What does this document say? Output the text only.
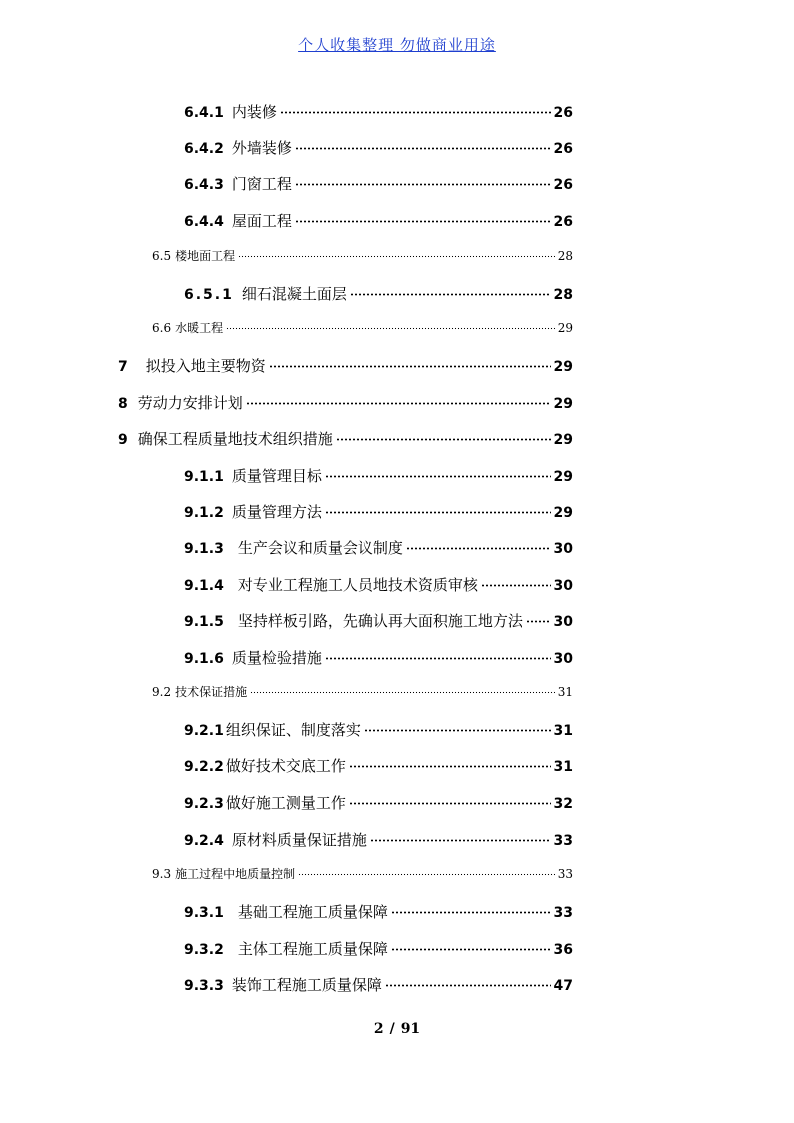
个人收集整理 勿做商业用途
6.4.1 内装修	26
6.4.2 外墙装修	26
6.4.3 门窗工程	26
6.4.4 屋面工程	26
6.5 楼地面工程	28
6.5.1 细石混凝土面层	28
6.6 水暖工程	29
7 拟投入地主要物资	29
8 劳动力安排计划	29
9 确保工程质量地技术组织措施	29
9.1.1 质量管理目标	29
9.1.2 质量管理方法	29
9.1.3 生产会议和质量会议制度	30
9.1.4 对专业工程施工人员地技术资质审核	30
9.1.5 坚持样板引路，先确认再大面积施工地方法 30
9.1.6 质量检验措施	30
9.2 技术保证措施	31
9.2.1 组织保证、制度落实	31
9.2.2 做好技术交底工作	31
9.2.3 做好施工测量工作	32
9.2.4 原材料质量保证措施	33
9.3 施工过程中地质量控制	33
9.3.1 基础工程施工质量保障	33
9.3.2 主体工程施工质量保障	36
9.3.3 装饰工程施工质量保障	47
2 / 91
